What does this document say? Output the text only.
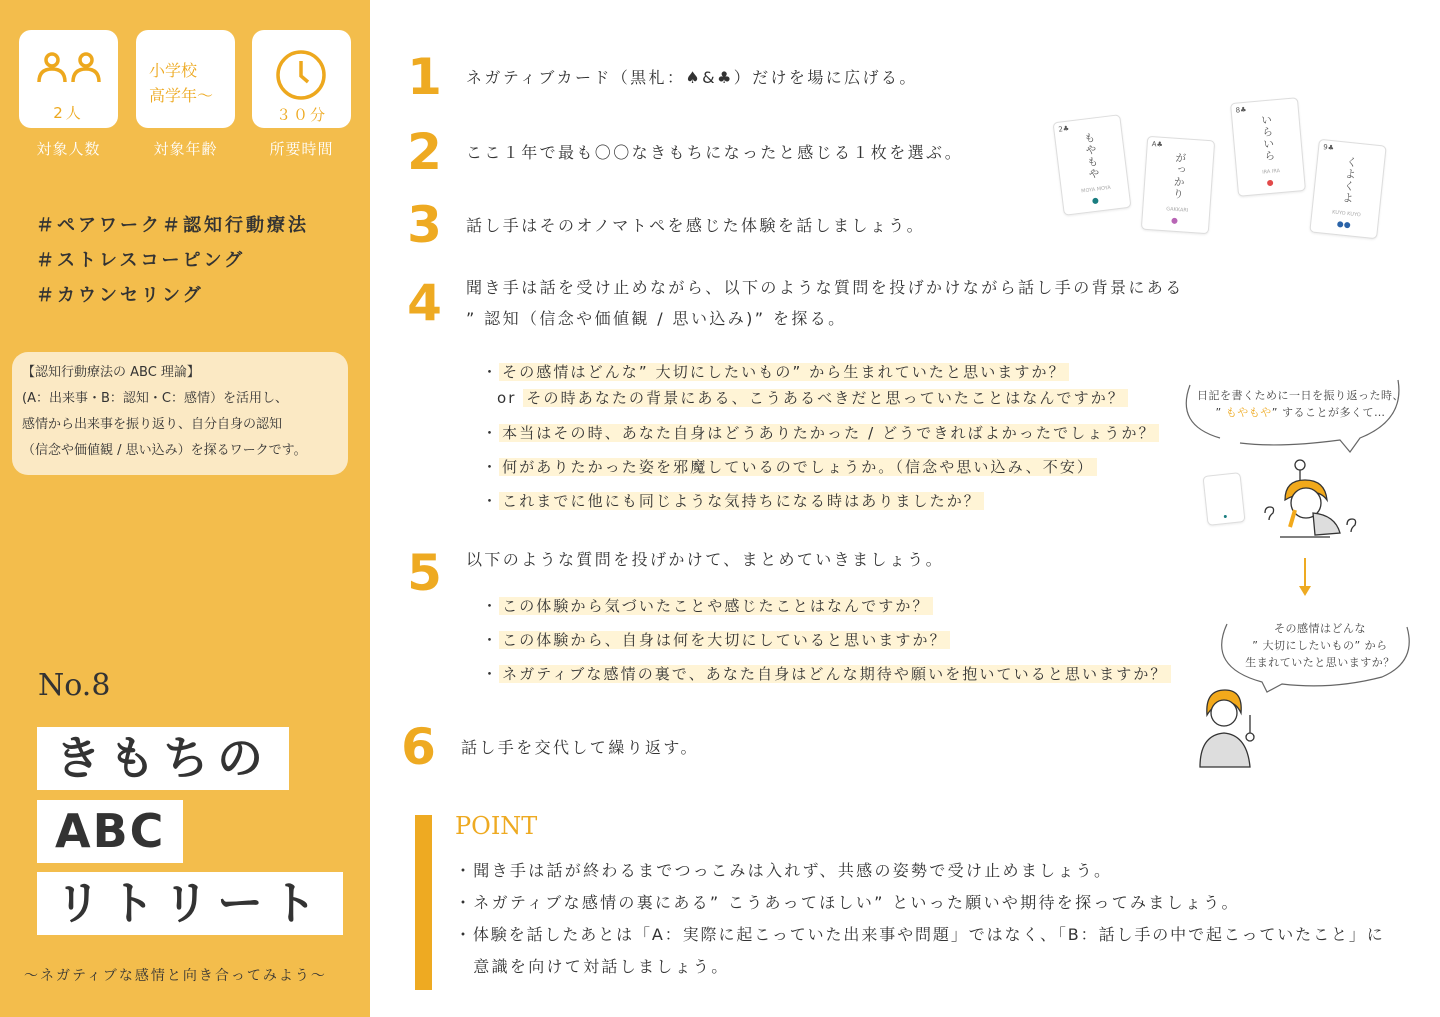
2人
対象人数
小学校
高学年～
対象年齢
３０分
所要時間
＃ペアワーク＃認知行動療法
＃ストレスコーピング
＃カウンセリング
【認知行動療法の ABC 理論】
(A：出来事・B：認知・C：感情）を活用し、
感情から出来事を振り返り、自分自身の認知
（信念や価値観 / 思い込み）を探るワークです。
No.8
きもちの
ABC
リトリート
～ネガティブな感情と向き合ってみよう～
1	ネガティブカード（黒札：♠&♣）だけを場に広げる。
2	ここ１年で最も〇〇なきもちになったと感じる１枚を選ぶ。
3	話し手はそのオノマトペを感じた体験を話しましょう。
4	聞き手は話を受け止めながら、以下のような質問を投げかけながら話し手の背景にある
” 認知（信念や価値観 / 思い込み)” を探る。
・ その感情はどんな” 大切にしたいもの” から生まれていたと思いますか？
or その時あなたの背景にある、こうあるべきだと思っていたことはなんですか？
・ 本当はその時、あなた自身はどうありたかった / どうできればよかったでしょうか？
・ 何がありたかった姿を邪魔しているのでしょうか。（信念や思い込み、不安）
・ これまでに他にも同じような気持ちになる時はありましたか？
5	以下のような質問を投げかけて、まとめていきましょう。
・ この体験から気づいたことや感じたことはなんですか？
・ この体験から、自身は何を大切にしていると思いますか？
・ ネガティブな感情の裏で、あなた自身はどんな期待や願いを抱いていると思いますか？
6	話し手を交代して繰り返す。
2♣
もやもや
MOYA MOYA
A♣
がっかり
GAKKARI
8♣
いらいら
IRA IRA
9♣
くよくよ
KUYO KUYO
日記を書くために一日を振り返った時、
” もやもや” することが多くて…
その感情はどんな
” 大切にしたいもの” から
生まれていたと思いますか？
POINT
・聞き手は話が終わるまでつっこみは入れず、共感の姿勢で受け止めましょう。
・ネガティブな感情の裏にある” こうあってほしい” といった願いや期待を探ってみましょう。
・体験を話したあとは「A：実際に起こっていた出来事や問題」ではなく、「B：話し手の中で起こっていたこと」に
　意識を向けて対話しましょう。
